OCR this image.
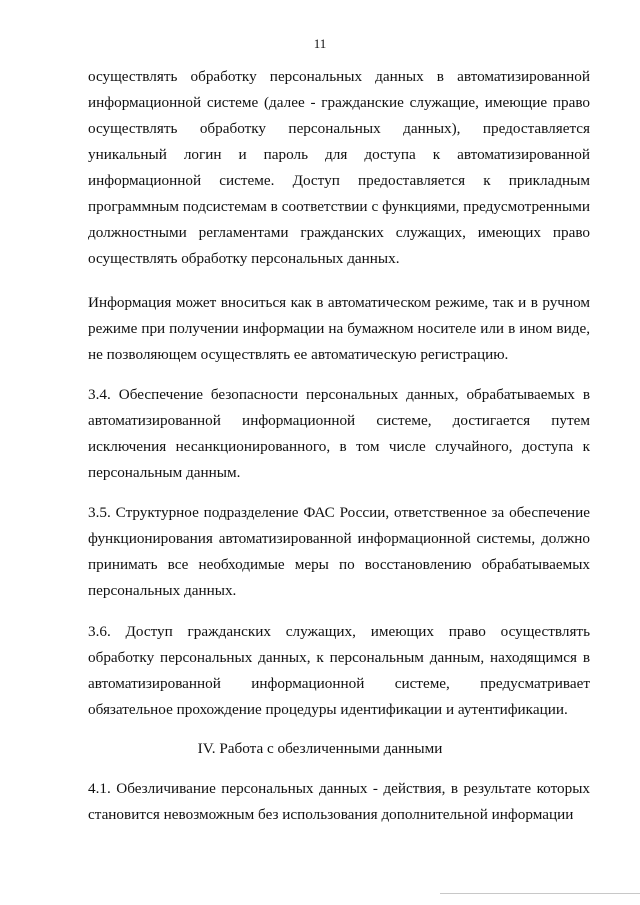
11

осуществлять обработку персональных данных в автоматизированной информационной системе (далее - гражданские служащие, имеющие право осуществлять обработку персональных данных), предоставляется уникальный логин и пароль для доступа к автоматизированной информационной системе. Доступ предоставляется к прикладным программным подсистемам в соответствии с функциями, предусмотренными должностными регламентами гражданских служащих, имеющих право осуществлять обработку персональных данных.

Информация может вноситься как в автоматическом режиме, так и в ручном режиме при получении информации на бумажном носителе или в ином виде, не позволяющем осуществлять ее автоматическую регистрацию.

3.4. Обеспечение безопасности персональных данных, обрабатываемых в автоматизированной информационной системе, достигается путем исключения несанкционированного, в том числе случайного, доступа к персональным данным.

3.5. Структурное подразделение ФАС России, ответственное за обеспечение функционирования автоматизированной информационной системы, должно принимать все необходимые меры по восстановлению обрабатываемых персональных данных.

3.6. Доступ гражданских служащих, имеющих право осуществлять обработку персональных данных, к персональным данным, находящимся в автоматизированной информационной системе, предусматривает обязательное прохождение процедуры идентификации и аутентификации.

IV. Работа с обезличенными данными

4.1. Обезличивание персональных данных - действия, в результате которых становится невозможным без использования дополнительной информации
